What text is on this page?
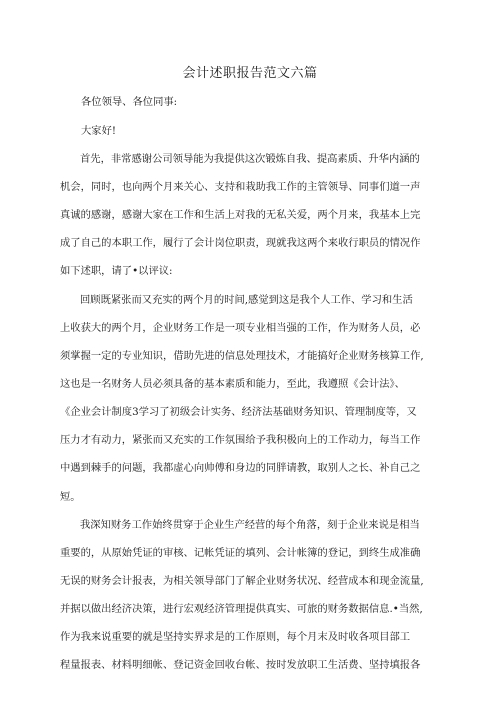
会计述职报告范文六篇

各位领导、各位同事:

大家好!

首先，非常感谢公司领导能为我提供这次锻炼自我、提高素质、升华内涵的

机会，同时，也向两个月来关心、支持和栽助我工作的主管领导、同事们道一声

真诚的感谢，感谢大家在工作和生活上对我的无私关爱，两个月来，我基本上完

成了自己的本职工作，履行了会计岗位职责，现就我这两个来收行职员的情况作

如下述职，请了•以评议:

回顾既紧张而又充实的两个月的时间,感觉到这是我个人工作、学习和生活

上收获大的两个月，企业财务工作是一项专业相当强的工作，作为财务人员，必

须掌握一定的专业知识，借助先进的信息处理技术，才能搞好企业财务核算工作,

这也是一名财务人员必须具备的基本素质和能力，至此，我遵照《会计法》、

《企业会计制度3学习了初级会计实务、经济法基础财务知识、管理制度等，又

压力才有动力，紧张而又充实的工作氛围给予我积极向上的工作动力，每当工作

中遇到棘手的问题，我都虚心向帅傅和身边的同胖请教，取别人之长、补自己之

短。

我深知财务工作始终贯穿于企业生产经营的每个角落，刻于企业来说是相当

重要的，从原始凭证的审核、记帐凭证的填列、会计帐簿的登记，到终生成准确

无误的财务会计报表，为相关领导部门了解企业财务状况、经营成本和现金流量,

并据以做出经济决策，进行宏观经济管理提供真实、可旅的财务数据信息.•当然,

作为我来说重要的就是坚持实界求是的工作原则，每个月末及时收各项目部工

程量报表、材料明细帐、登记资金回收台帐、按时发放职工生活费、坚持填报各
